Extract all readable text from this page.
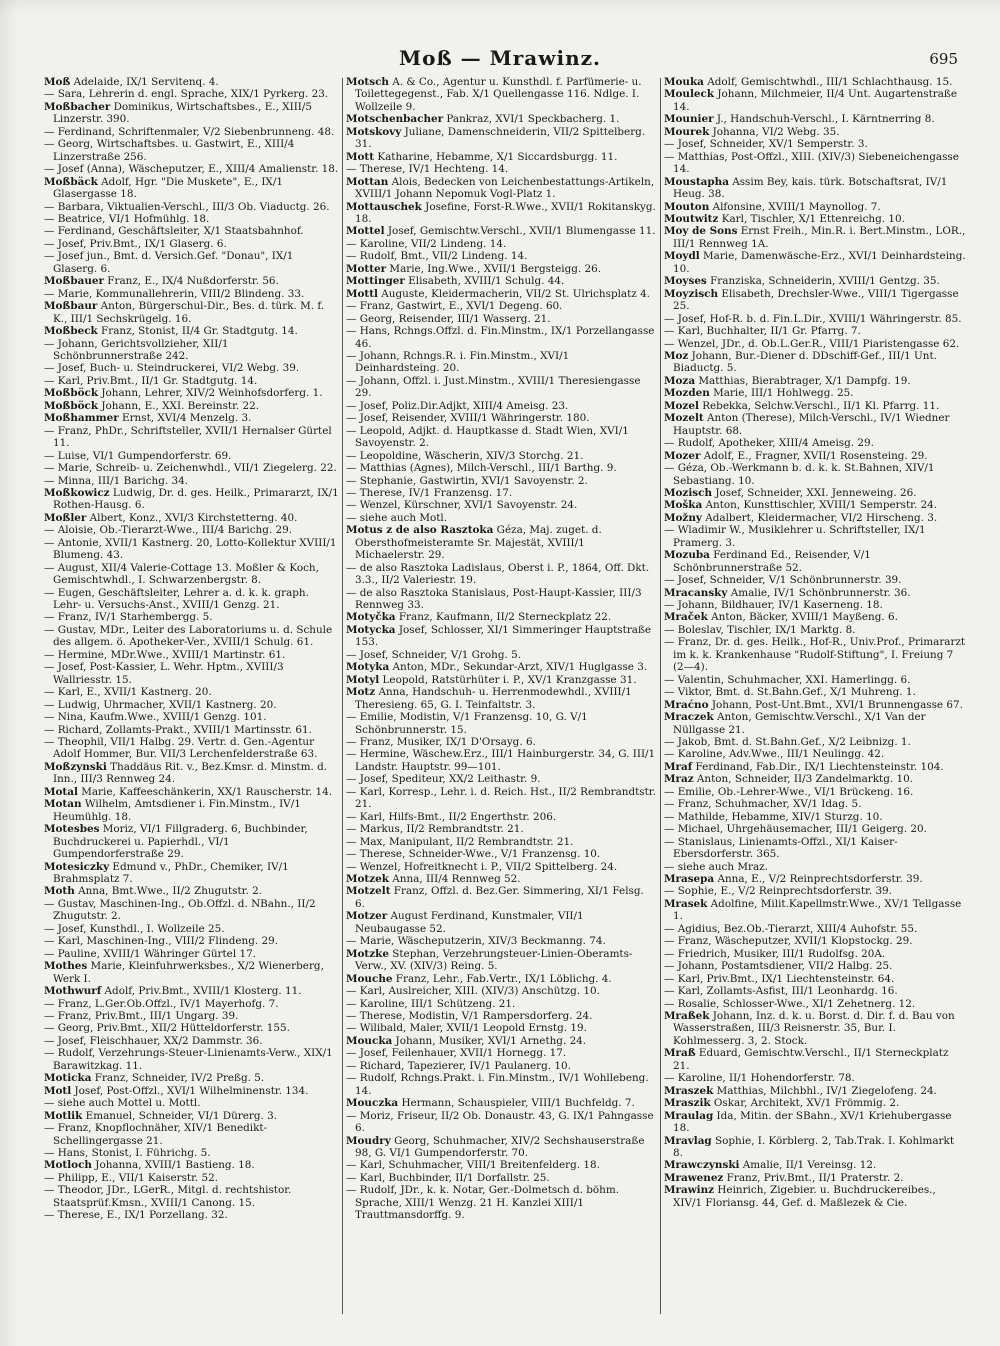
Moß — Mrawinz.	695

Moß Adelaide, IX/1 Servitenq. 4.

— Sara, Lehrerin d. engl. Sprache, XIX/1 Pyrkerg. 23.

Moßbacher Dominikus, Wirtschaftsbes., E., XIII/5 Linzerstr. 390.

— Ferdinand, Schriftenmaler, V/2 Siebenbrunneng. 48.

— Georg, Wirtschaftsbes. u. Gastwirt, E., XIII/4 Linzerstraße 256.

— Josef (Anna), Wäscheputzer, E., XIII/4 Amalienstr. 18.

Moßbäck Adolf, Hgr. "Die Muskete", E., IX/1 Glasergasse 18.

— Barbara, Viktualien-Verschl., III/3 Ob. Viaductg. 26.

— Beatrice, VI/1 Hofmühlg. 18.

— Ferdinand, Geschäftsleiter, X/1 Staatsbahnhof.

— Josef, Priv.Bmt., IX/1 Glaserg. 6.

— Josef jun., Bmt. d. Versich.Gef. "Donau", IX/1 Glaserg. 6.

Moßbauer Franz, E., IX/4 Nußdorferstr. 56.

— Marie, Kommunallehrerin, VIII/2 Blindeng. 33.

Moßbaur Anton, Bürgerschul-Dir., Bes. d. türk. M. f. K., III/1 Sechskrügelg. 16.

Moßbeck Franz, Stonist, II/4 Gr. Stadtgutg. 14.

— Johann, Gerichtsvollzieher, XII/1 Schönbrunnerstraße 242.

— Josef, Buch- u. Steindruckerei, VI/2 Webg. 39.

— Karl, Priv.Bmt., II/1 Gr. Stadtgutg. 14.

Moßböck Johann, Lehrer, XIV/2 Weinhofsdorferg. 1.

Moßböck Johann, E., XXI. Bereinstr. 22.

Moßhammer Ernst, XVI/4 Menzelg. 3.

— Franz, PhDr., Schriftsteller, XVII/1 Hernalser Gürtel 11.

— Luise, VI/1 Gumpendorferstr. 69.

— Marie, Schreib- u. Zeichenwhdl., VII/1 Ziegelerg. 22.

— Minna, III/1 Barichg. 34.

Moßkowicz Ludwig, Dr. d. ges. Heilk., Primararzt, IX/1 Rothen-Hausg. 6.

Moßler Albert, Konz., XVI/3 Kirchstetterng. 40.

— Aloisie, Ob.-Tierarzt-Wwe., III/4 Barichg. 29.

— Antonie, XVII/1 Kastnerg. 20, Lotto-Kollektur XVIII/1 Blumeng. 43.

— August, XII/4 Valerie-Cottage 13. Moßler & Koch, Gemischtwhdl., I. Schwarzenbergstr. 8.

— Eugen, Geschäftsleiter, Lehrer a. d. k. k. graph. Lehr- u. Versuchs-Anst., XVIII/1 Genzg. 21.

— Franz, IV/1 Starhembergg. 5.

— Gustav, MDr., Leiter des Laboratoriums u. d. Schule des allgem. ö. Apotheker-Ver., XVIII/1 Schulg. 61.

— Hermine, MDr.Wwe., XVIII/1 Martinstr. 61.

— Josef, Post-Kassier, L. Wehr. Hptm., XVIII/3 Wallriesstr. 15.

— Karl, E., XVII/1 Kastnerg. 20.

— Ludwig, Uhrmacher, XVII/1 Kastnerg. 20.

— Nina, Kaufm.Wwe., XVIII/1 Genzg. 101.

— Richard, Zollamts-Prakt., XVIII/1 Martinsstr. 61.

— Theophil, VII/1 Halbg. 29. Vertr. d. Gen.-Agentur Adolf Hommer, Bur. VII/3 Lerchenfelderstraße 63.

Moßzynski Thaddäus Rit. v., Bez.Kmsr. d. Minstm. d. Inn., III/3 Rennweg 24.

Motal Marie, Kaffeeschänkerin, XX/1 Rauscherstr. 14.

Motan Wilhelm, Amtsdiener i. Fin.Minstm., IV/1 Heumühlg. 18.

Motesbes Moriz, VI/1 Fillgraderg. 6, Buchbinder, Buchdruckerei u. Papierhdl., VI/1 Gumpendorferstraße 29.

Motesiczky Edmund v., PhDr., Chemiker, IV/1 Brahmsplatz 7.

Moth Anna, Bmt.Wwe., II/2 Zhugutstr. 2.

— Gustav, Maschinen-Ing., Ob.Offzl. d. NBahn., II/2 Zhugutstr. 2.

— Josef, Kunsthdl., I. Wollzeile 25.

— Karl, Maschinen-Ing., VIII/2 Flindeng. 29.

— Pauline, XVIII/1 Währinger Gürtel 17.

Mothes Marie, Kleinfuhrwerksbes., X/2 Wienerberg, Werk I.

Mothwurf Adolf, Priv.Bmt., XVIII/1 Klosterg. 11.

— Franz, L.Ger.Ob.Offzl., IV/1 Mayerhofg. 7.

— Franz, Priv.Bmt., III/1 Ungarg. 39.

— Georg, Priv.Bmt., XII/2 Hütteldorferstr. 155.

— Josef, Fleischhauer, XX/2 Dammstr. 36.

— Rudolf, Verzehrungs-Steuer-Linienamts-Verw., XIX/1 Barawitzkag. 11.

Moticka Franz, Schneider, IV/2 Preßg. 5.

Motl Josef, Post-Offzl., XVI/1 Wilhelminenstr. 134.

— siehe auch Mottel u. Mottl.

Motlik Emanuel, Schneider, VI/1 Dürerg. 3.

— Franz, Knopflochnäher, XIV/1 Benedikt-Schellingergasse 21.

— Hans, Stonist, I. Führichg. 5.

Motloch Johanna, XVIII/1 Bastieng. 18.

— Philipp, E., VII/1 Kaiserstr. 52.

— Theodor, JDr., LGerR., Mitgl. d. rechtshistor. Staatsprüf.Kmsn., XVIII/1 Canong. 15.

— Therese, E., IX/1 Porzellang. 32.

Motsch A. & Co., Agentur u. Kunsthdl. f. Parfümerie- u. Toilettegegenst., Fab. X/1 Quellengasse 116. Ndlge. I. Wollzeile 9.

Motschenbacher Pankraz, XVI/1 Speckbacherg. 1.

Motskovy Juliane, Damenschneiderin, VII/2 Spittelberg. 31.

Mott Katharine, Hebamme, X/1 Siccardsburgg. 11.

— Therese, IV/1 Hechteng. 14.

Mottan Alois, Bedecken von Leichenbestattungs-Artikeln, XVIII/1 Johann Nepomuk Vogl-Platz 1.

Mottauschek Josefine, Forst-R.Wwe., XVII/1 Rokitanskyg. 18.

Mottel Josef, Gemischtw.Verschl., XVII/1 Blumengasse 11.

— Karoline, VII/2 Lindeng. 14.

— Rudolf, Bmt., VII/2 Lindeng. 14.

Motter Marie, Ing.Wwe., XVII/1 Bergsteigg. 26.

Mottinger Elisabeth, XVIII/1 Schulg. 44.

Mottl Auguste, Kleidermacherin, VII/2 St. Ulrichsplatz 4.

— Franz, Gastwirt, E., XVI/1 Degeng. 60.

— Georg, Reisender, III/1 Wasserg. 21.

— Hans, Rchngs.Offzl. d. Fin.Minstm., IX/1 Porzellangasse 46.

— Johann, Rchngs.R. i. Fin.Minstm., XVI/1 Deinhardsteing. 20.

— Johann, Offzl. i. Just.Minstm., XVIII/1 Theresiengasse 29.

— Josef, Poliz.Dir.Adjkt, XIII/4 Ameisg. 23.

— Josef, Reisender, XVIII/1 Währingerstr. 180.

— Leopold, Adjkt. d. Hauptkasse d. Stadt Wien, XVI/1 Savoyenstr. 2.

— Leopoldine, Wäscherin, XIV/3 Storchg. 21.

— Matthias (Agnes), Milch-Verschl., III/1 Barthg. 9.

— Stephanie, Gastwirtin, XVI/1 Savoyenstr. 2.

— Therese, IV/1 Franzensg. 17.

— Wenzel, Kürschner, XVI/1 Savoyenstr. 24.

— siehe auch Motl.

Motus z de also Rasztoka Géza, Maj. zuget. d. Obersthofmeisteramte Sr. Majestät, XVIII/1 Michaelerstr. 29.

— de also Rasztoka Ladislaus, Oberst i. P., 1864, Off. Dkt. 3.3., II/2 Valeriestr. 19.

— de also Rasztoka Stanislaus, Post-Haupt-Kassier, III/3 Rennweg 33.

Motyčka Franz, Kaufmann, II/2 Sterneckplatz 22.

Motycka Josef, Schlosser, XI/1 Simmeringer Hauptstraße 153.

— Josef, Schneider, V/1 Grohg. 5.

Motyka Anton, MDr., Sekundar-Arzt, XIV/1 Huglgasse 3.

Motyl Leopold, Ratstürhüter i. P., XV/1 Kranzgasse 31.

Motz Anna, Handschuh- u. Herrenmodewhdl., XVIII/1 Theresieng. 65, G. I. Teinfaltstr. 3.

— Emilie, Modistin, V/1 Franzensg. 10, G. V/1 Schönbrunnerstr. 15.

— Franz, Musiker, IX/1 D'Orsayg. 6.

— Hermine, Wäschew.Erz., III/1 Hainburgerstr. 34, G. III/1 Landstr. Hauptstr. 99—101.

— Josef, Spediteur, XX/2 Leithastr. 9.

— Karl, Korresp., Lehr. i. d. Reich. Hst., II/2 Rembrandtstr. 21.

— Karl, Hilfs-Bmt., II/2 Engerthstr. 206.

— Markus, II/2 Rembrandtstr. 21.

— Max, Manipulant, II/2 Rembrandtstr. 21.

— Therese, Schneider-Wwe., V/1 Franzensg. 10.

— Wenzel, Hofreitknecht i. P., VII/2 Spittelberg. 24.

Motzek Anna, III/4 Rennweg 52.

Motzelt Franz, Offzl. d. Bez.Ger. Simmering, XI/1 Felsg. 6.

Motzer August Ferdinand, Kunstmaler, VII/1 Neubaugasse 52.

— Marie, Wäscheputzerin, XIV/3 Beckmanng. 74.

Motzke Stephan, Verzehrungsteuer-Linien-Oberamts-Verw., XV. (XIV/3) Reing. 5.

Mouche Franz, Lehr., Fab.Vertr., IX/1 Löblichg. 4.

— Karl, Auslreicher, XIII. (XIV/3) Anschützg. 10.

— Karoline, III/1 Schützeng. 21.

— Therese, Modistin, V/1 Rampersdorferg. 24.

— Wilibald, Maler, XVII/1 Leopold Ernstg. 19.

Moucka Johann, Musiker, XVI/1 Arnethg. 24.

— Josef, Feilenhauer, XVII/1 Hornegg. 17.

— Richard, Tapezierer, IV/1 Paulanerg. 10.

— Rudolf, Rchngs.Prakt. i. Fin.Minstm., IV/1 Wohllebeng. 14.

Mouczka Hermann, Schauspieler, VIII/1 Buchfeldg. 7.

— Moriz, Friseur, II/2 Ob. Donaustr. 43, G. IX/1 Pahngasse 6.

Moudry Georg, Schuhmacher, XIV/2 Sechshauserstraße 98, G. VI/1 Gumpendorferstr. 70.

— Karl, Schuhmacher, VIII/1 Breitenfelderg. 18.

— Karl, Buchbinder, II/1 Dorfallstr. 25.

— Rudolf, JDr., k. k. Notar, Ger.-Dolmetsch d. böhm. Sprache, XIII/1 Wenzg. 21 H. Kanzlei XIII/1 Trauttmansdorffg. 9.

Mouka Adolf, Gemischtwhdl., III/1 Schlachthausg. 15.

Mouleck Johann, Milchmeier, II/4 Unt. Augartenstraße 14.

Mounier J., Handschuh-Verschl., I. Kärntnerring 8.

Mourek Johanna, VI/2 Webg. 35.

— Josef, Schneider, XV/1 Semperstr. 3.

— Matthias, Post-Offzl., XIII. (XIV/3) Siebeneichengasse 14.

Moustapha Assim Bey, kais. türk. Botschaftsrat, IV/1 Heug. 38.

Mouton Alfonsine, XVIII/1 Maynollog. 7.

Moutwitz Karl, Tischler, X/1 Ettenreichg. 10.

Moy de Sons Ernst Freih., Min.R. i. Bert.Minstm., LOR., III/1 Rennweg 1A.

Moydl Marie, Damenwäsche-Erz., XVI/1 Deinhardsteing. 10.

Moyses Franziska, Schneiderin, XVIII/1 Gentzg. 35.

Moyzisch Elisabeth, Drechsler-Wwe., VIII/1 Tigergasse 25.

— Josef, Hof-R. b. d. Fin.L.Dir., XVIII/1 Währingerstr. 85.

— Karl, Buchhalter, II/1 Gr. Pfarrg. 7.

— Wenzel, JDr., d. Ob.L.Ger.R., VIII/1 Piaristengasse 62.

Moz Johann, Bur.-Diener d. DDschiff-Gef., III/1 Unt. Biaductg. 5.

Moza Matthias, Bierabtrager, X/1 Dampfg. 19.

Mozden Marie, III/1 Hohlwegg. 25.

Mozel Rebekka, Selchw.Verschl., II/1 Kl. Pfarrg. 11.

Mozelt Anton (Therese), Milch-Verschl., IV/1 Wiedner Hauptstr. 68.

— Rudolf, Apotheker, XIII/4 Ameisg. 29.

Mozer Adolf, E., Fragner, XVII/1 Rosensteing. 29.

— Géza, Ob.-Werkmann b. d. k. k. St.Bahnen, XIV/1 Sebastiang. 10.

Mozisch Josef, Schneider, XXI. Jenneweing. 26.

Moška Anton, Kunsttischler, XVIII/1 Semperstr. 24.

Možny Adalbert, Kleidermacher, VI/2 Hirscheng. 3.

— Wladimir W., Musiklehrer u. Schriftsteller, IX/1 Pramerg. 3.

Mozuba Ferdinand Ed., Reisender, V/1 Schönbrunnerstraße 52.

— Josef, Schneider, V/1 Schönbrunnerstr. 39.

Mracansky Amalie, IV/1 Schönbrunnerstr. 36.

— Johann, Bildhauer, IV/1 Kaserneng. 18.

Mraček Anton, Bäcker, XVIII/1 Mayßeng. 6.

— Boleslav, Tischler, IX/1 Marktg. 8.

— Franz, Dr. d. ges. Heilk., Hof-R., Univ.Prof., Primararzt im k. k. Krankenhause "Rudolf-Stiftung", I. Freiung 7 (2—4).

— Valentin, Schuhmacher, XXI. Hamerlingg. 6.

— Viktor, Bmt. d. St.Bahn.Gef., X/1 Muhreng. 1.

Mraćno Johann, Post-Unt.Bmt., XVI/1 Brunnengasse 67.

Mraczek Anton, Gemischtw.Verschl., X/1 Van der Nüllgasse 21.

— Jakob, Bmt. d. St.Bahn.Gef., X/2 Leibnizg. 1.

— Karoline, Adv.Wwe., III/1 Neulingg. 42.

Mraf Ferdinand, Fab.Dir., IX/1 Liechtensteinstr. 104.

Mraz Anton, Schneider, II/3 Zandelmarktg. 10.

— Emilie, Ob.-Lehrer-Wwe., VI/1 Brückeng. 16.

— Franz, Schuhmacher, XV/1 Idag. 5.

— Mathilde, Hebamme, XIV/1 Sturzg. 10.

— Michael, Uhrgehäusemacher, III/1 Geigerg. 20.

— Stanislaus, Linienamts-Offzl., XI/1 Kaiser-Ebersdorferstr. 365.

— siehe auch Mraz.

Mrasepa Anna, E., V/2 Reinprechtsdorferstr. 39.

— Sophie, E., V/2 Reinprechtsdorferstr. 39.

Mrasek Adolfine, Milit.Kapellmstr.Wwe., XV/1 Tellgasse 1.

— Agidius, Bez.Ob.-Tierarzt, XIII/4 Auhofstr. 55.

— Franz, Wäscheputzer, XVII/1 Klopstockg. 29.

— Friedrich, Musiker, III/1 Rudolfsg. 20A.

— Johann, Postamtsdiener, VII/2 Halbg. 25.

— Karl, Priv.Bmt., IX/1 Liechtensteinstr. 64.

— Karl, Zollamts-Asfist, III/1 Leonhardg. 16.

— Rosalie, Schlosser-Wwe., XI/1 Zehetnerg. 12.

Mraßek Johann, Inz. d. k. u. Borst. d. Dir. f. d. Bau von Wasserstraßen, III/3 Reisnerstr. 35, Bur. I. Kohlmesserg. 3, 2. Stock.

Mraß Eduard, Gemischtw.Verschl., II/1 Sterneckplatz 21.

— Karoline, II/1 Hohendorferstr. 78.

Mraszek Matthias, Milchbhl., IV/1 Ziegelofeng. 24.

Mraszik Oskar, Architekt, XV/1 Frömmig. 2.

Mraulag Ida, Mitin. der SBahn., XV/1 Kriehubergasse 18.

Mravlag Sophie, I. Körblerg. 2, Tab.Trak. I. Kohlmarkt 8.

Mrawczynski Amalie, II/1 Vereinsg. 12.

Mrawenez Franz, Priv.Bmt., II/1 Praterstr. 2.

Mrawinz Heinrich, Zigebier. u. Buchdruckereibes., XIV/1 Floriansg. 44, Gef. d. Maßlezek & Cie.
